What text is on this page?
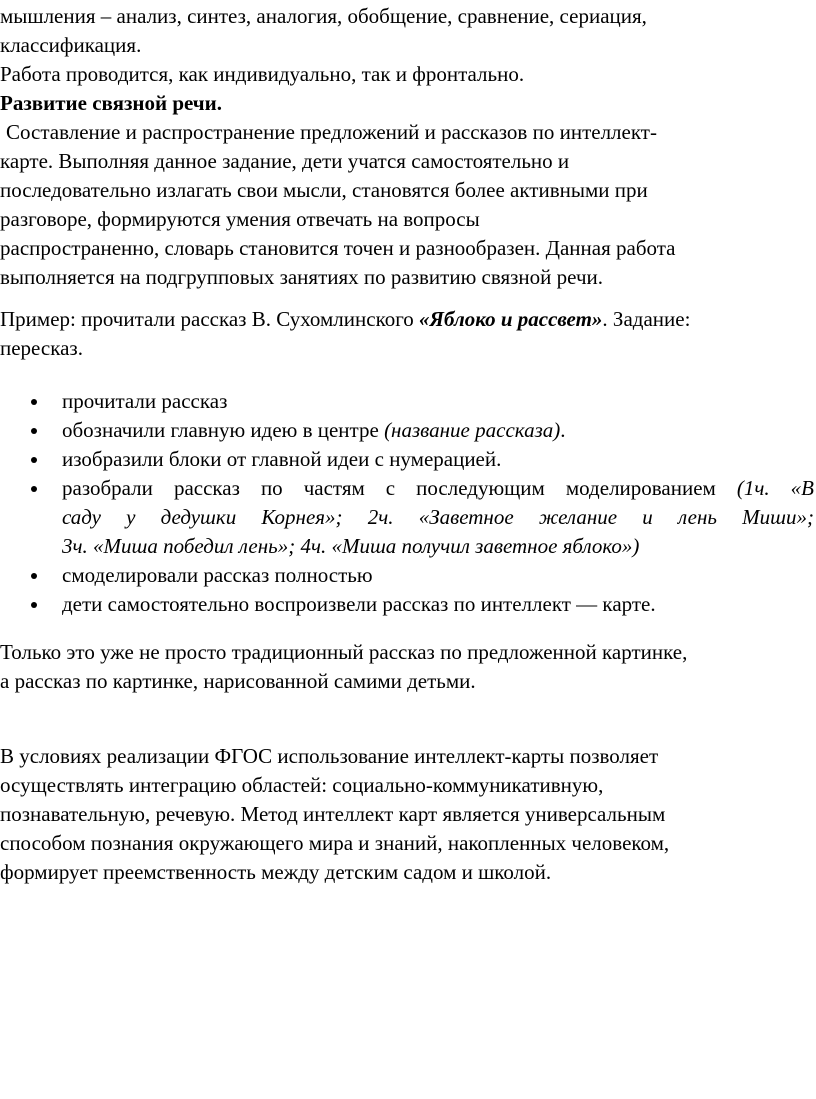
мышления – анализ, синтез, аналогия, обобщение, сравнение, сериация,
классификация.
Работа проводится, как индивидуально, так и фронтально.
Развитие связной речи.
Составление и распространение предложений и рассказов по интеллект-
карте. Выполняя данное задание, дети учатся самостоятельно и
последовательно излагать свои мысли, становятся более активными при
разговоре, формируются умения отвечать на вопросы
распространенно, словарь становится точен и разнообразен. Данная работа
выполняется на подгрупповых занятиях по развитию связной речи.
Пример: прочитали рассказ В. Сухомлинского «Яблоко и рассвет». Задание:
пересказ.
прочитали рассказ
обозначили главную идею в центре (название рассказа).
изобразили блоки от главной идеи с нумерацией.
разобрали рассказ по частям с последующим моделированием (1ч. «В
саду у дедушки Корнея»; 2ч. «Заветное желание и лень Миши»;
3ч. «Миша победил лень»; 4ч. «Миша получил заветное яблоко»)
смоделировали рассказ полностью
дети самостоятельно воспроизвели рассказ по интеллект — карте.
Только это уже не просто традиционный рассказ по предложенной картинке,
а рассказ по картинке, нарисованной самими детьми.
В условиях реализации ФГОС использование интеллект-карты позволяет
осуществлять интеграцию областей: социально-коммуникативную,
познавательную, речевую. Метод интеллект карт является универсальным
способом познания окружающего мира и знаний, накопленных человеком,
формирует преемственность между детским садом и школой.
